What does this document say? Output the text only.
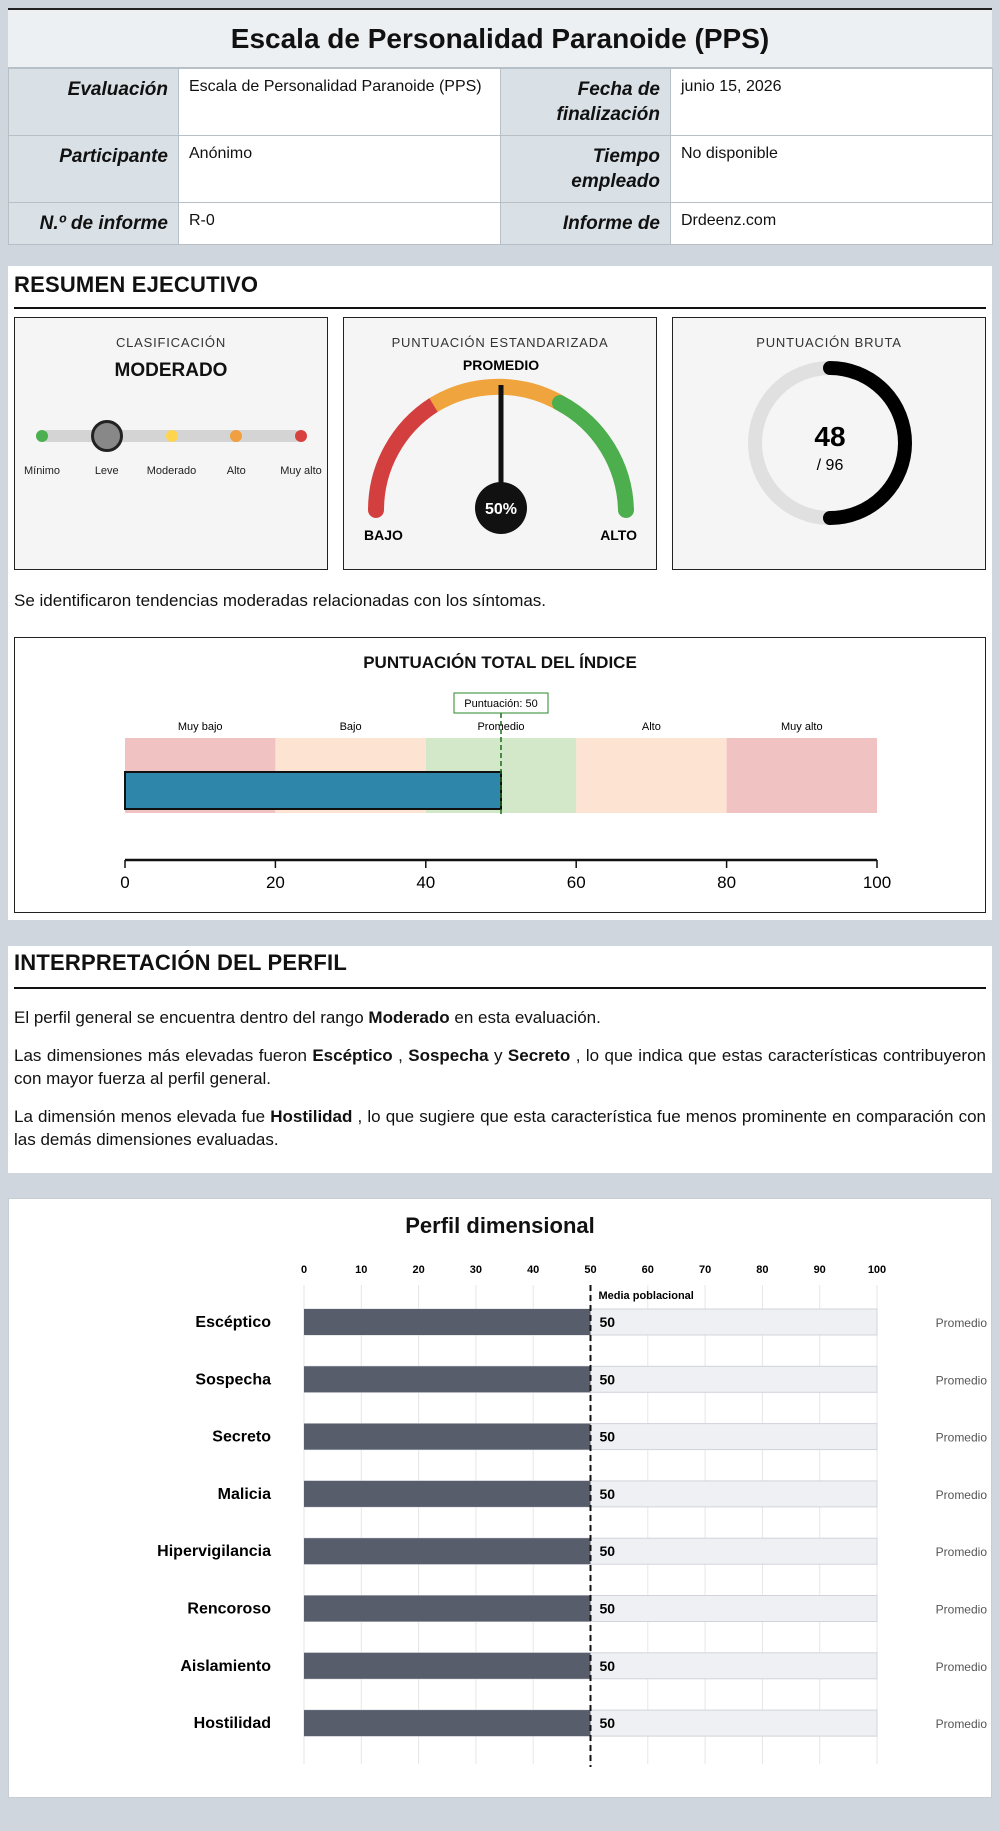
Escala de Personalidad Paranoide (PPS)
Evaluación	Escala de Personalidad Paranoide (PPS)	Fecha de finalización	junio 15, 2026
Participante	Anónimo	Tiempo empleado	No disponible
N.º de informe	R-0	Informe de	Drdeenz.com
RESUMEN EJECUTIVO
CLASIFICACIÓN
MODERADO
Mínimo	Leve	Moderado	Alto	Muy alto
PUNTUACIÓN ESTANDARIZADA
50%
PROMEDIO
BAJO	ALTO
PUNTUACIÓN BRUTA
48
/ 96
Se identificaron tendencias moderadas relacionadas con los síntomas.
PUNTUACIÓN TOTAL DEL ÍNDICE
Muy bajo	Bajo	Promedio	Alto	Muy alto
Puntuación: 50
0	20	40	60	80	100
INTERPRETACIÓN DEL PERFIL
El perfil general se encuentra dentro del rango Moderado en esta evaluación.
Las dimensiones más elevadas fueron Escéptico , Sospecha y Secreto , lo que indica que estas características contribuyeron con mayor fuerza al perfil general.
La dimensión menos elevada fue Hostilidad , lo que sugiere que esta característica fue menos prominente en comparación con las demás dimensiones evaluadas.
Perfil dimensional
0	10	20	30	40	50	60	70	80	90	100
Escéptico	50	Promedio
Sospecha	50	Promedio
Secreto	50	Promedio
Malicia	50	Promedio
Hipervigilancia	50	Promedio
Rencoroso	50	Promedio
Aislamiento	50	Promedio
Hostilidad	50	Promedio
Media poblacional
